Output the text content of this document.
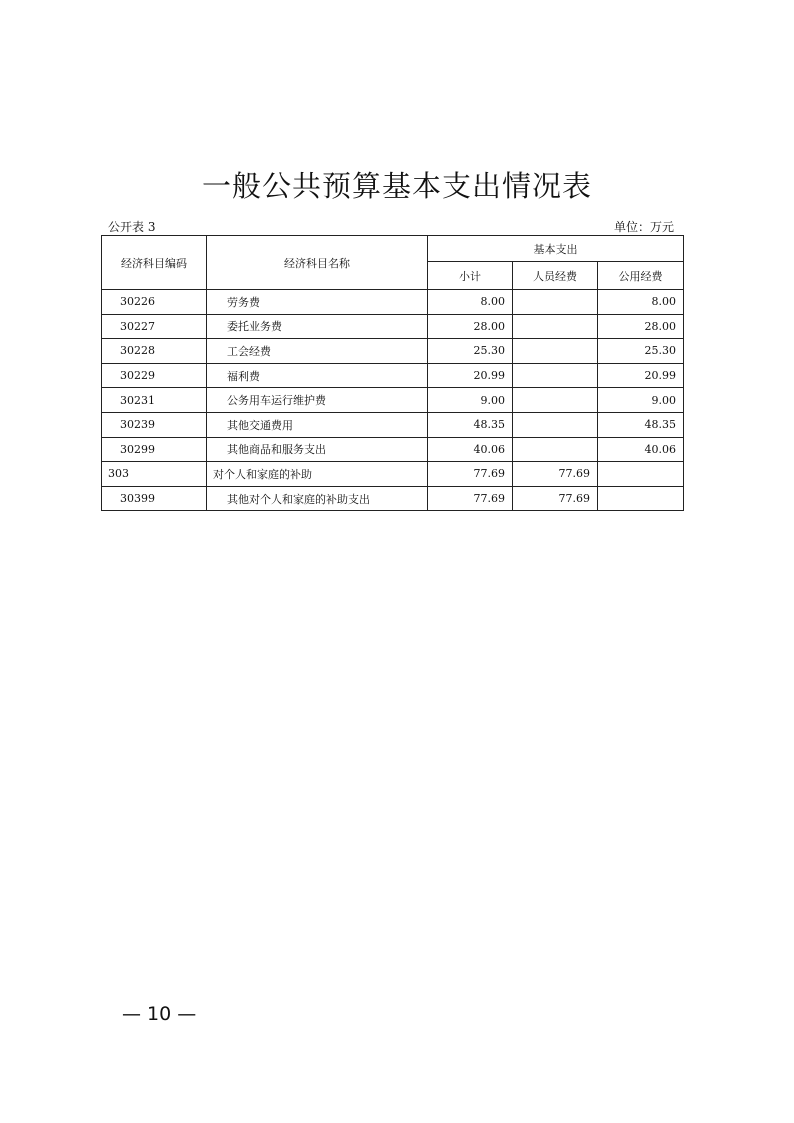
一般公共预算基本支出情况表
公开表 3	单位：万元
经济科目编码	经济科目名称	基本支出		
		小计	人员经费	公用经费
30226	劳务费	8.00		8.00
30227	委托业务费	28.00		28.00
30228	工会经费	25.30		25.30
30229	福利费	20.99		20.99
30231	公务用车运行维护费	9.00		9.00
30239	其他交通费用	48.35		48.35
30299	其他商品和服务支出	40.06		40.06
303	对个人和家庭的补助	77.69	77.69	
30399	其他对个人和家庭的补助支出	77.69	77.69	
— 10 —
